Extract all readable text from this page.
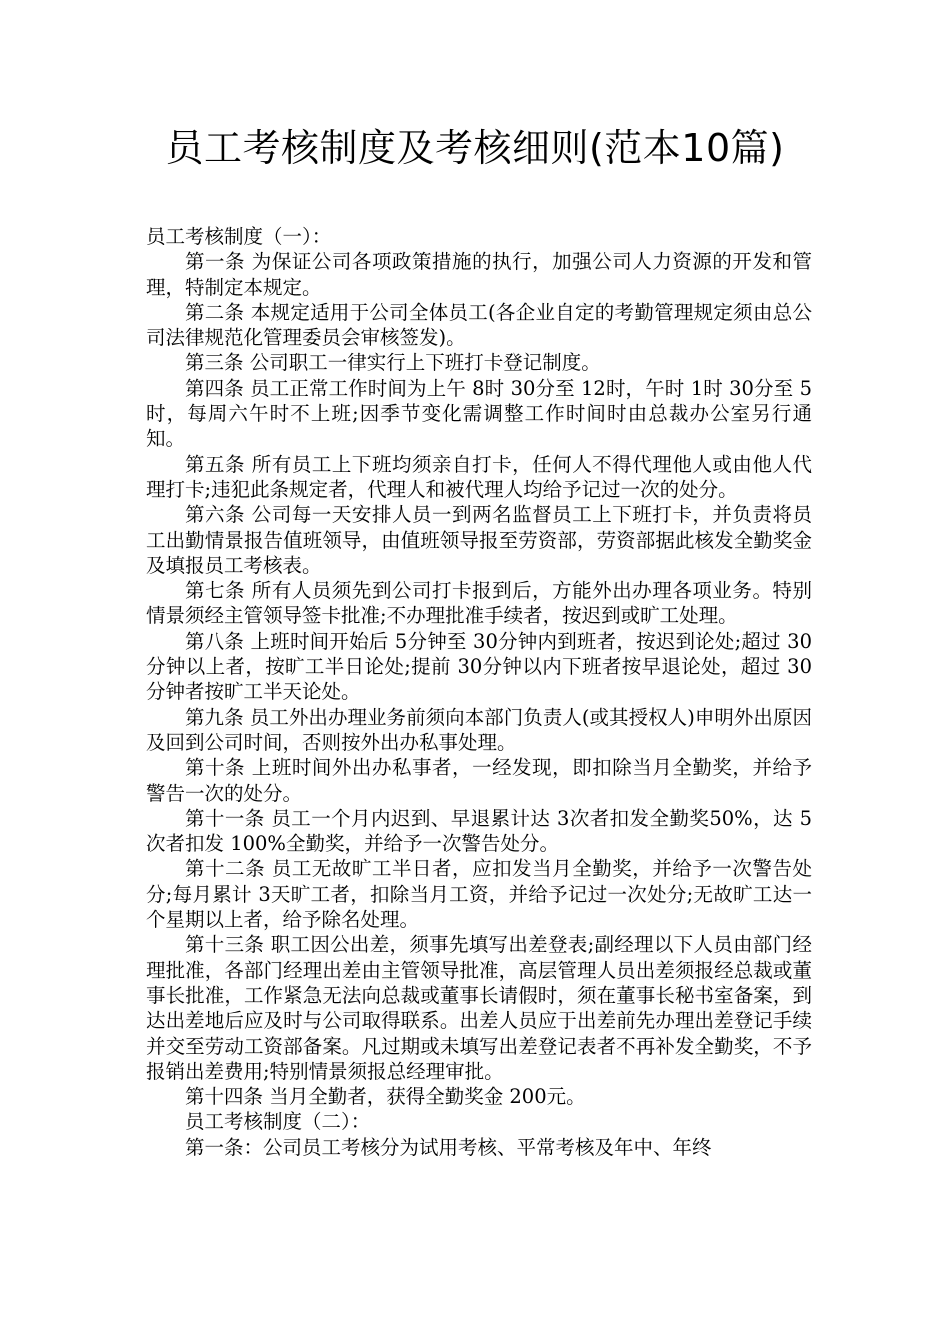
员工考核制度及考核细则(范本10篇)

员工考核制度（一）：

第一条 为保证公司各项政策措施的执行，加强公司人力资源的开发和管理，特制定本规定。

第二条 本规定适用于公司全体员工(各企业自定的考勤管理规定须由总公司法律规范化管理委员会审核签发)。

第三条 公司职工一律实行上下班打卡登记制度。

第四条 员工正常工作时间为上午 8时 30分至 12时，午时 1时 30分至 5时，每周六午时不上班;因季节变化需调整工作时间时由总裁办公室另行通知。

第五条 所有员工上下班均须亲自打卡，任何人不得代理他人或由他人代理打卡;违犯此条规定者，代理人和被代理人均给予记过一次的处分。

第六条 公司每一天安排人员一到两名监督员工上下班打卡，并负责将员工出勤情景报告值班领导，由值班领导报至劳资部，劳资部据此核发全勤奖金及填报员工考核表。

第七条 所有人员须先到公司打卡报到后，方能外出办理各项业务。特别情景须经主管领导签卡批准;不办理批准手续者，按迟到或旷工处理。

第八条 上班时间开始后 5分钟至 30分钟内到班者，按迟到论处;超过 30分钟以上者，按旷工半日论处;提前 30分钟以内下班者按早退论处，超过 30分钟者按旷工半天论处。

第九条 员工外出办理业务前须向本部门负责人(或其授权人)申明外出原因及回到公司时间，否则按外出办私事处理。

第十条 上班时间外出办私事者，一经发现，即扣除当月全勤奖，并给予警告一次的处分。

第十一条 员工一个月内迟到、早退累计达 3次者扣发全勤奖50%，达 5次者扣发 100%全勤奖，并给予一次警告处分。

第十二条 员工无故旷工半日者，应扣发当月全勤奖，并给予一次警告处分;每月累计 3天旷工者，扣除当月工资，并给予记过一次处分;无故旷工达一个星期以上者，给予除名处理。

第十三条 职工因公出差，须事先填写出差登表;副经理以下人员由部门经理批准，各部门经理出差由主管领导批准，高层管理人员出差须报经总裁或董事长批准，工作紧急无法向总裁或董事长请假时，须在董事长秘书室备案，到达出差地后应及时与公司取得联系。出差人员应于出差前先办理出差登记手续并交至劳动工资部备案。凡过期或未填写出差登记表者不再补发全勤奖，不予报销出差费用;特别情景须报总经理审批。

第十四条 当月全勤者，获得全勤奖金 200元。

员工考核制度（二）：

第一条：公司员工考核分为试用考核、平常考核及年中、年终
